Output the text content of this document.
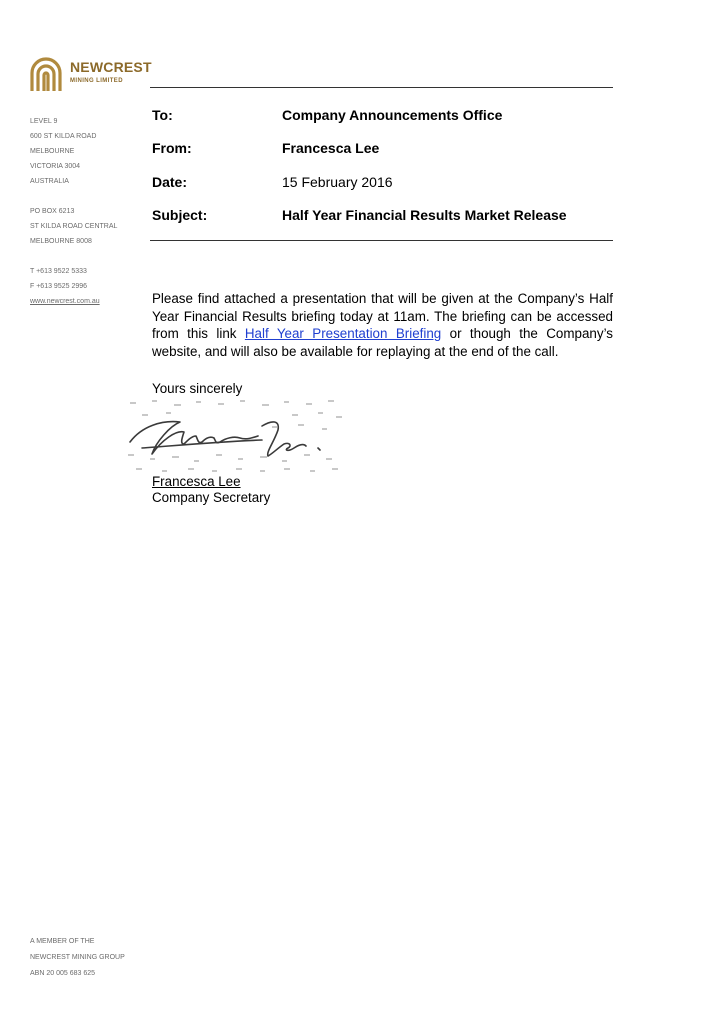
NEWCREST
MINING LIMITED
LEVEL 9
600 ST KILDA ROAD
MELBOURNE
VICTORIA 3004
AUSTRALIA
PO BOX 6213
ST KILDA ROAD CENTRAL
MELBOURNE 8008
T +613 9522 5333
F +613 9525 2996
www.newcrest.com.au
To:	Company Announcements Office
From:	Francesca Lee
Date:	15 February 2016
Subject:	Half Year Financial Results Market Release
Please find attached a presentation that will be given at the Company’s Half Year Financial Results briefing today at 11am. The briefing can be accessed from this link Half Year Presentation Briefing or though the Company’s website, and will also be available for replaying at the end of the call.
Yours sincerely
Francesca Lee
Company Secretary
A MEMBER OF THE
NEWCREST MINING GROUP
ABN 20 005 683 625
